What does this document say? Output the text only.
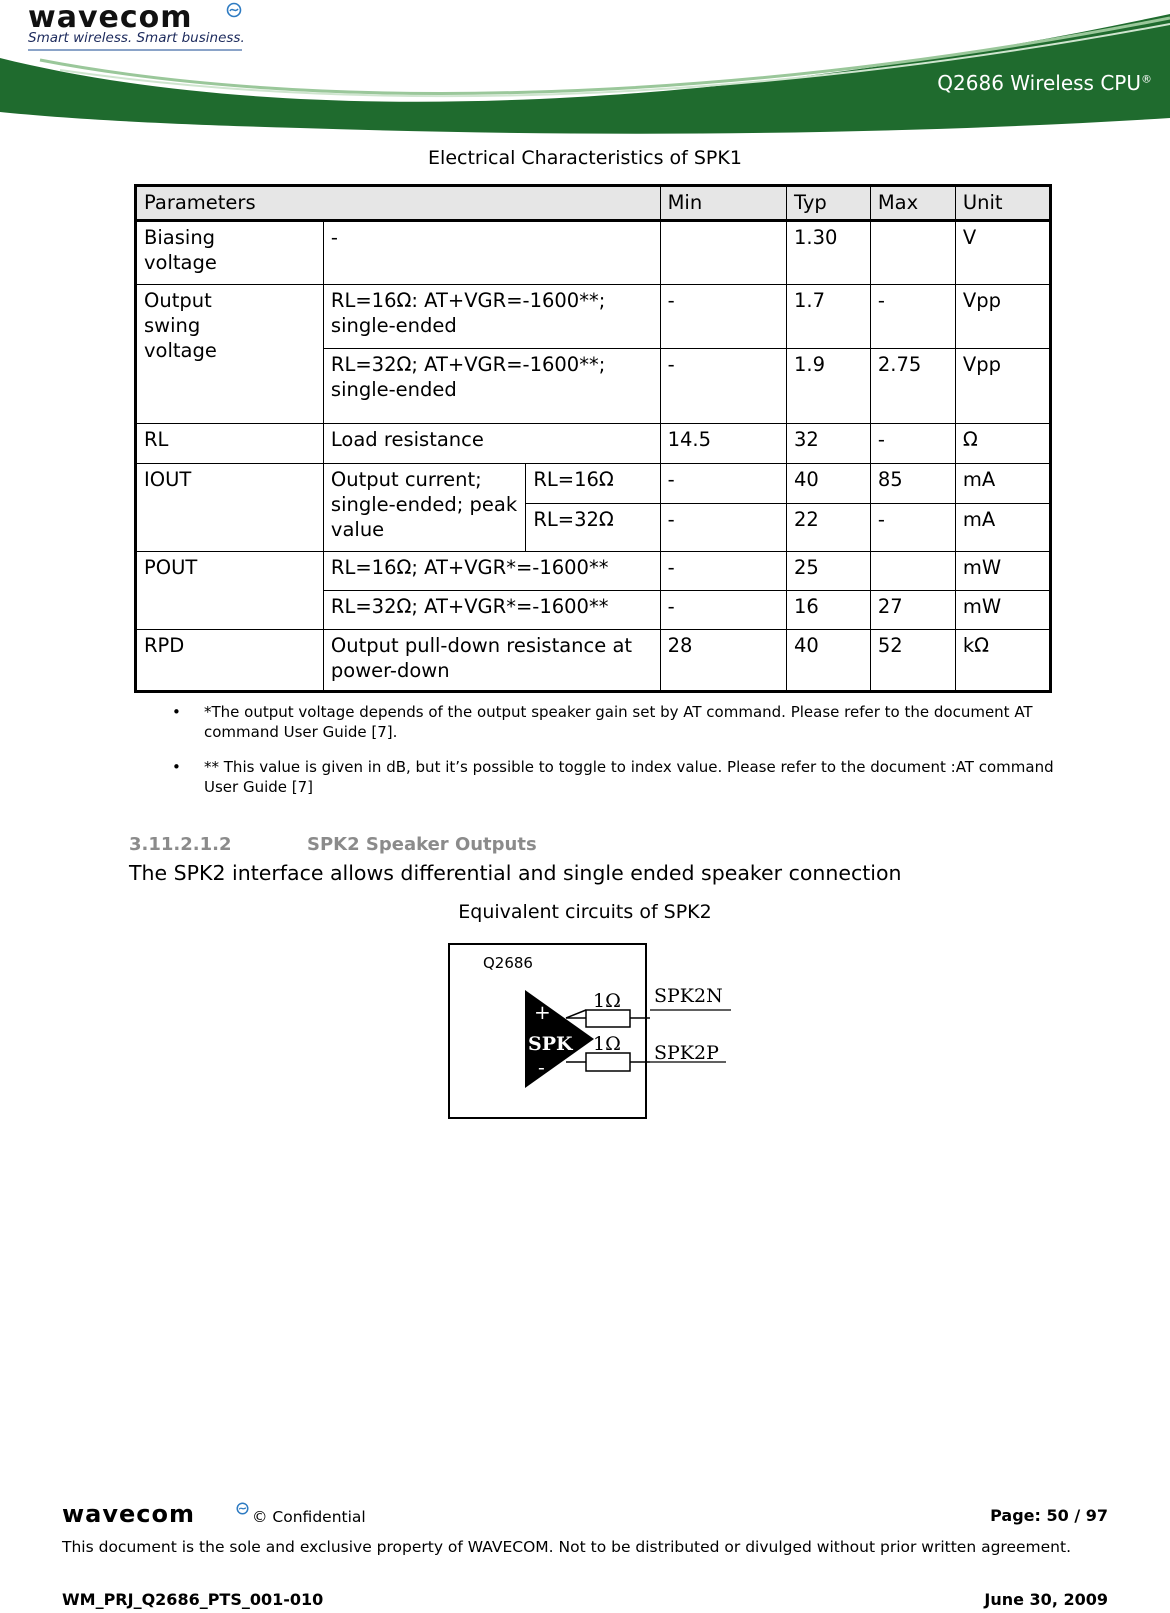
wavecom
Smart wireless. Smart business.
Q2686 Wireless CPU®
Electrical Characteristics of SPK1
Parameters			Min	Typ	Max	Unit
Biasing voltage	-			1.30		V
Output swing voltage	RL=16Ω: AT+VGR=-1600**; single-ended		-	1.7	-	Vpp
	RL=32Ω; AT+VGR=-1600**; single-ended		-	1.9	2.75	Vpp
RL	Load resistance		14.5	32	-	Ω
IOUT	Output current; single-ended; peak value	RL=16Ω	-	40	85	mA
		RL=32Ω	-	22	-	mA
POUT	RL=16Ω; AT+VGR*=-1600**		-	25		mW
	RL=32Ω; AT+VGR*=-1600**		-	16	27	mW
RPD	Output pull-down resistance at power-down		28	40	52	kΩ
• *The output voltage depends of the output speaker gain set by AT command. Please refer to the document AT command User Guide [7].
• ** This value is given in dB, but it’s possible to toggle to index value. Please refer to the document :AT command User Guide [7]
3.11.2.1.2	SPK2 Speaker Outputs
The SPK2 interface allows differential and single ended speaker connection
Equivalent circuits of SPK2
Q2686
+
SPK
-
1Ω SPK2N
1Ω SPK2P
wavecom	© Confidential	Page: 50 / 97
This document is the sole and exclusive property of WAVECOM. Not to be distributed or divulged without prior written agreement.
WM_PRJ_Q2686_PTS_001-010	June 30, 2009
